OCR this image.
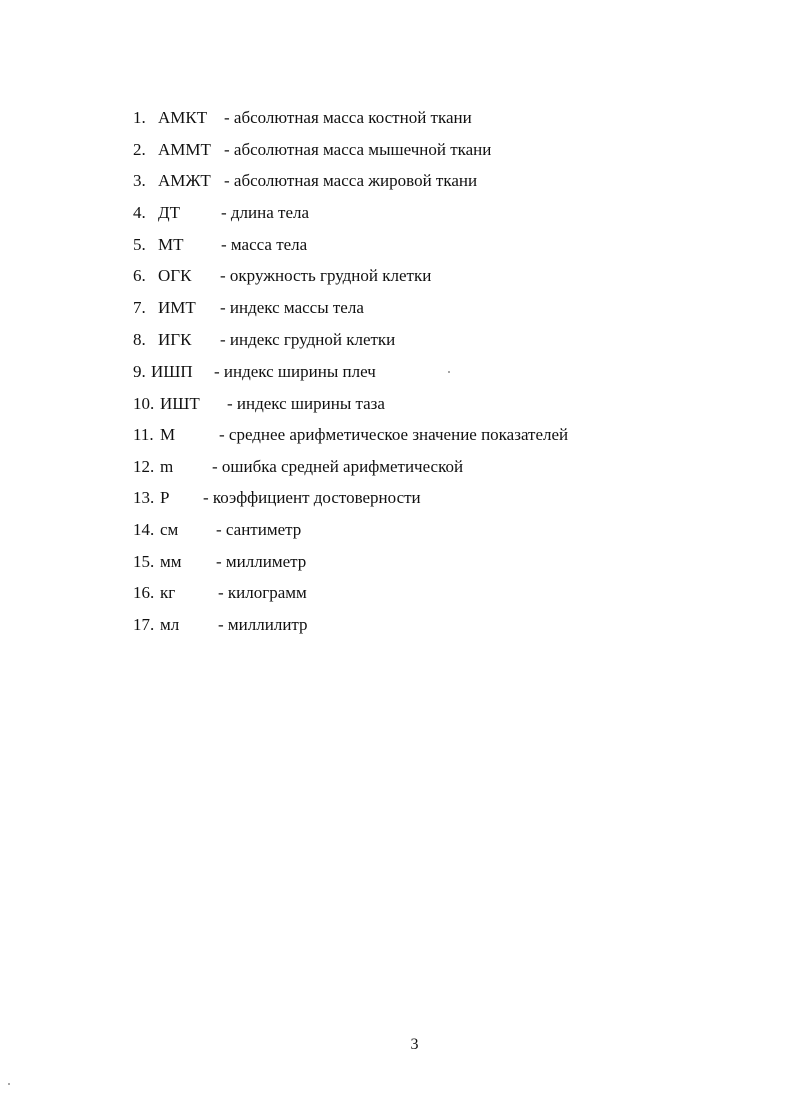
1. АМКТ - абсолютная масса костной ткани
2. АММТ - абсолютная масса мышечной ткани
3. АМЖТ - абсолютная масса жировой ткани
4. ДТ - длина тела
5. МТ - масса тела
6. ОГК - окружность грудной клетки
7. ИМТ - индекс массы тела
8. ИГК - индекс грудной клетки
9. ИШП - индекс ширины плеч
10. ИШТ - индекс ширины таза
11. М	- среднее арифметическое значение показателей
12. m - ошибка средней арифметической
13. Р - коэффициент достоверности
14. см - сантиметр
15. мм - миллиметр
16. кг	- килограмм
17. мл - миллилитр
3
